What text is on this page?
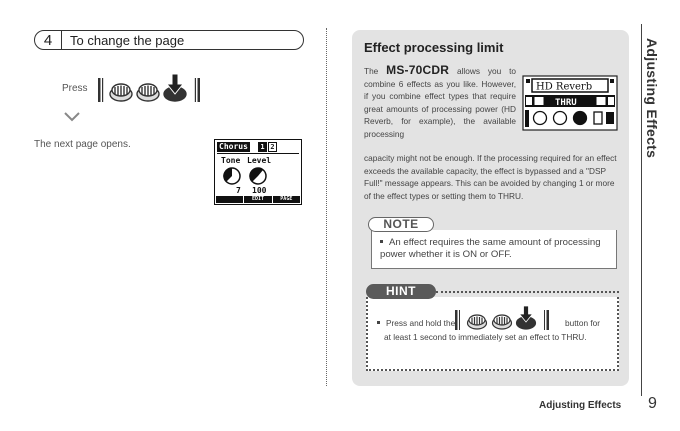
4	To change the page
Press
The next page opens.	Chorus	1 2
Tone Level
7 100
EDIT	PAGE
Effect processing limit
The MS-70CDR allows you to combine 6 effects as you like. However, if you combine effect types that require great amounts of processing power (HD Reverb, for example), the available processing
capacity might not be enough. If the processing required for an effect exceeds the available capacity, the effect is bypassed and a "DSP Full!" message appears. This can be avoided by changing 1 or more of the effect types or setting them to THRU.
HD Reverb
THRU
NOTE
An effect requires the same amount of processing power whether it is ON or OFF.
HINT
Press and hold the	button for
at least 1 second to immediately set an effect to THRU.
Adjusting Effects
Adjusting Effects 9
